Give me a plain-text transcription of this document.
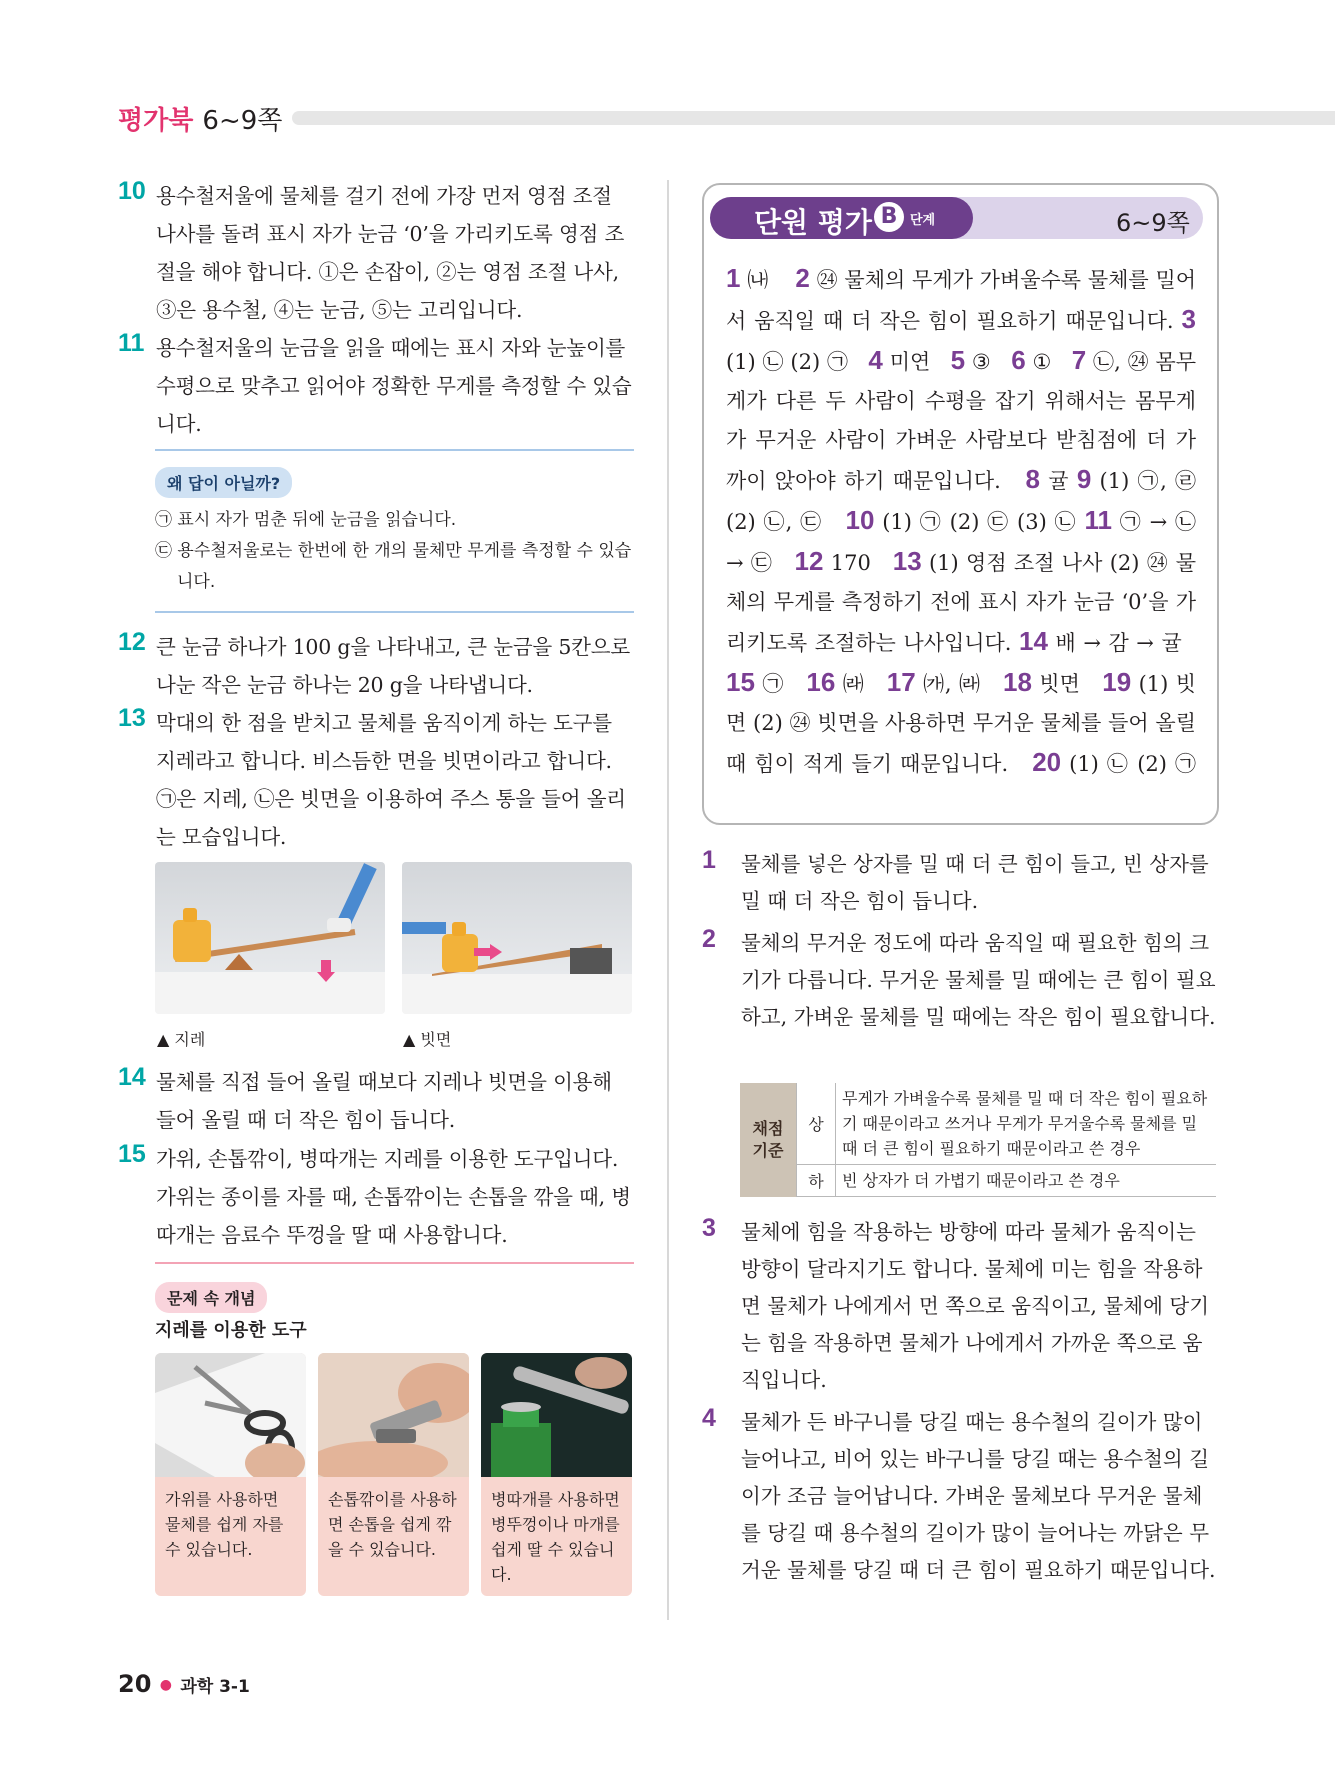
평가북 6~9쪽
10 용수철저울에 물체를 걸기 전에 가장 먼저 영점 조절 나사를 돌려 표시 자가 눈금 ‘0’을 가리키도록 영점 조절을 해야 합니다. ①은 손잡이, ②는 영점 조절 나사, ③은 용수철, ④는 눈금, ⑤는 고리입니다.
11 용수철저울의 눈금을 읽을 때에는 표시 자와 눈높이를 수평으로 맞추고 읽어야 정확한 무게를 측정할 수 있습니다.
왜 답이 아닐까?
㉠ 표시 자가 멈춘 뒤에 눈금을 읽습니다.
㉢ 용수철저울로는 한번에 한 개의 물체만 무게를 측정할 수 있습니다.
12 큰 눈금 하나가 100 g을 나타내고, 큰 눈금을 5칸으로 나눈 작은 눈금 하나는 20 g을 나타냅니다.
13 막대의 한 점을 받치고 물체를 움직이게 하는 도구를 지레라고 합니다. 비스듬한 면을 빗면이라고 합니다. ㉠은 지레, ㉡은 빗면을 이용하여 주스 통을 들어 올리는 모습입니다.
▲ 지레	▲ 빗면
14 물체를 직접 들어 올릴 때보다 지레나 빗면을 이용해 들어 올릴 때 더 작은 힘이 듭니다.
15 가위, 손톱깎이, 병따개는 지레를 이용한 도구입니다. 가위는 종이를 자를 때, 손톱깎이는 손톱을 깎을 때, 병따개는 음료수 뚜껑을 딸 때 사용합니다.
문제 속 개념
지레를 이용한 도구
가위를 사용하면 물체를 쉽게 자를 수 있습니다.
손톱깎이를 사용하면 손톱을 쉽게 깎을 수 있습니다.
병따개를 사용하면 병뚜껑이나 마개를 쉽게 딸 수 있습니다.
단원 평가 B 단계	6~9쪽
1 ㈏ 2 ㉔ 물체의 무게가 가벼울수록 물체를 밀어서 움직일 때 더 작은 힘이 필요하기 때문입니다. 3 (1) ㉡ (2) ㉠ 4 미연 5 ③ 6 ① 7 ㉡, ㉔ 몸무게가 다른 두 사람이 수평을 잡기 위해서는 몸무게가 무거운 사람이 가벼운 사람보다 받침점에 더 가까이 앉아야 하기 때문입니다. 8 귤 9 (1) ㉠, ㉣ (2) ㉡, ㉢ 10 (1) ㉠ (2) ㉢ (3) ㉡ 11 ㉠ → ㉡ → ㉢ 12 170 13 (1) 영점 조절 나사 (2) ㉔ 물체의 무게를 측정하기 전에 표시 자가 눈금 ‘0’을 가리키도록 조절하는 나사입니다. 14 배 → 감 → 귤   15 ㉠ 16 ㈑ 17 ㈎, ㈑ 18 빗면 19 (1) 빗면 (2) ㉔ 빗면을 사용하면 무거운 물체를 들어 올릴 때 힘이 적게 들기 때문입니다. 20 (1) ㉡ (2) ㉠
1 물체를 넣은 상자를 밀 때 더 큰 힘이 들고, 빈 상자를 밀 때 더 작은 힘이 듭니다.
2 물체의 무거운 정도에 따라 움직일 때 필요한 힘의 크기가 다릅니다. 무거운 물체를 밀 때에는 큰 힘이 필요하고, 가벼운 물체를 밀 때에는 작은 힘이 필요합니다.
채점 기준	상	무게가 가벼울수록 물체를 밀 때 더 작은 힘이 필요하기 때문이라고 쓰거나 무게가 무거울수록 물체를 밀 때 더 큰 힘이 필요하기 때문이라고 쓴 경우
	하	빈 상자가 더 가볍기 때문이라고 쓴 경우
3 물체에 힘을 작용하는 방향에 따라 물체가 움직이는 방향이 달라지기도 합니다. 물체에 미는 힘을 작용하면 물체가 나에게서 먼 쪽으로 움직이고, 물체에 당기는 힘을 작용하면 물체가 나에게서 가까운 쪽으로 움직입니다.
4 물체가 든 바구니를 당길 때는 용수철의 길이가 많이 늘어나고, 비어 있는 바구니를 당길 때는 용수철의 길이가 조금 늘어납니다. 가벼운 물체보다 무거운 물체를 당길 때 용수철의 길이가 많이 늘어나는 까닭은 무거운 물체를 당길 때 더 큰 힘이 필요하기 때문입니다.
20 ● 과학 3-1
